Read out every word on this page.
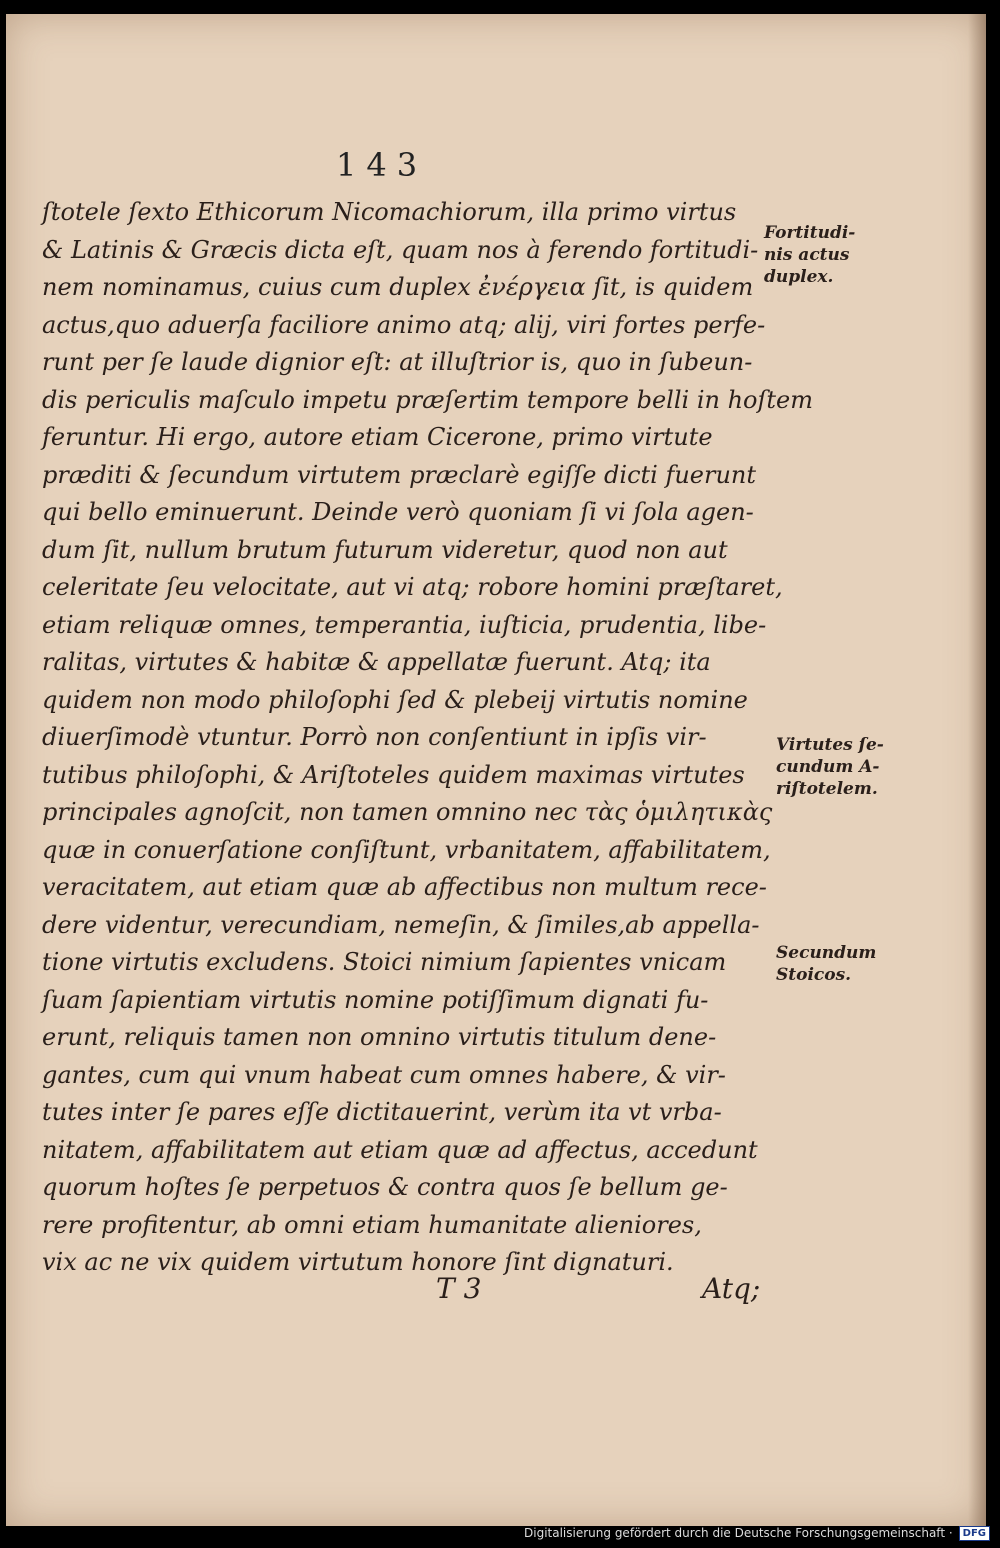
143
ſtotele ſexto Ethicorum Nicomachiorum, illa primo virtus
& Latinis & Græcis dicta eſt, quam nos à ferendo fortitudi-
nem nominamus, cuius cum duplex ἐνέργεια ſit, is quidem
actus,quo aduerſa faciliore animo atq; alij, viri fortes perfe-
runt per ſe laude dignior eſt: at illuſtrior is, quo in ſubeun-
dis periculis maſculo impetu præſertim tempore belli in hoſtem
feruntur. Hi ergo, autore etiam Cicerone, primo virtute
præditi & ſecundum virtutem præclarè egiſſe dicti fuerunt
qui bello eminuerunt. Deinde verò quoniam ſi vi ſola agen-
dum ſit, nullum brutum futurum videretur, quod non aut
celeritate ſeu velocitate, aut vi atq; robore homini præſtaret,
etiam reliquæ omnes, temperantia, iuſticia, prudentia, libe-
ralitas, virtutes & habitæ & appellatæ fuerunt. Atq; ita
quidem non modo philoſophi ſed & plebeij virtutis nomine
diuerſimodè vtuntur. Porrò non conſentiunt in ipſis vir-
tutibus philoſophi, & Ariſtoteles quidem maximas virtutes
principales agnoſcit, non tamen omnino nec τὰς ὁμιλητικὰς
quæ in conuerſatione conſiſtunt, vrbanitatem, affabilitatem,
veracitatem, aut etiam quæ ab affectibus non multum rece-
dere videntur, verecundiam, nemeſin, & ſimiles,ab appella-
tione virtutis excludens. Stoici nimium ſapientes vnicam
ſuam ſapientiam virtutis nomine potiſſimum dignati fu-
erunt, reliquis tamen non omnino virtutis titulum dene-
gantes, cum qui vnum habeat cum omnes habere, & vir-
tutes inter ſe pares eſſe dictitauerint, verùm ita vt vrba-
nitatem, affabilitatem aut etiam quæ ad affectus, accedunt
quorum hoſtes ſe perpetuos & contra quos ſe bellum ge-
rere profitentur, ab omni etiam humanitate alieniores,
vix ac ne vix quidem virtutum honore ſint dignaturi.
Fortitudi-
nis actus
duplex.
Virtutes ſe-
cundum A-
riſtotelem.
Secundum
Stoicos.
T 3	Atq;
Digitalisierung gefördert durch die Deutsche Forschungsgemeinschaft ·	DFG
